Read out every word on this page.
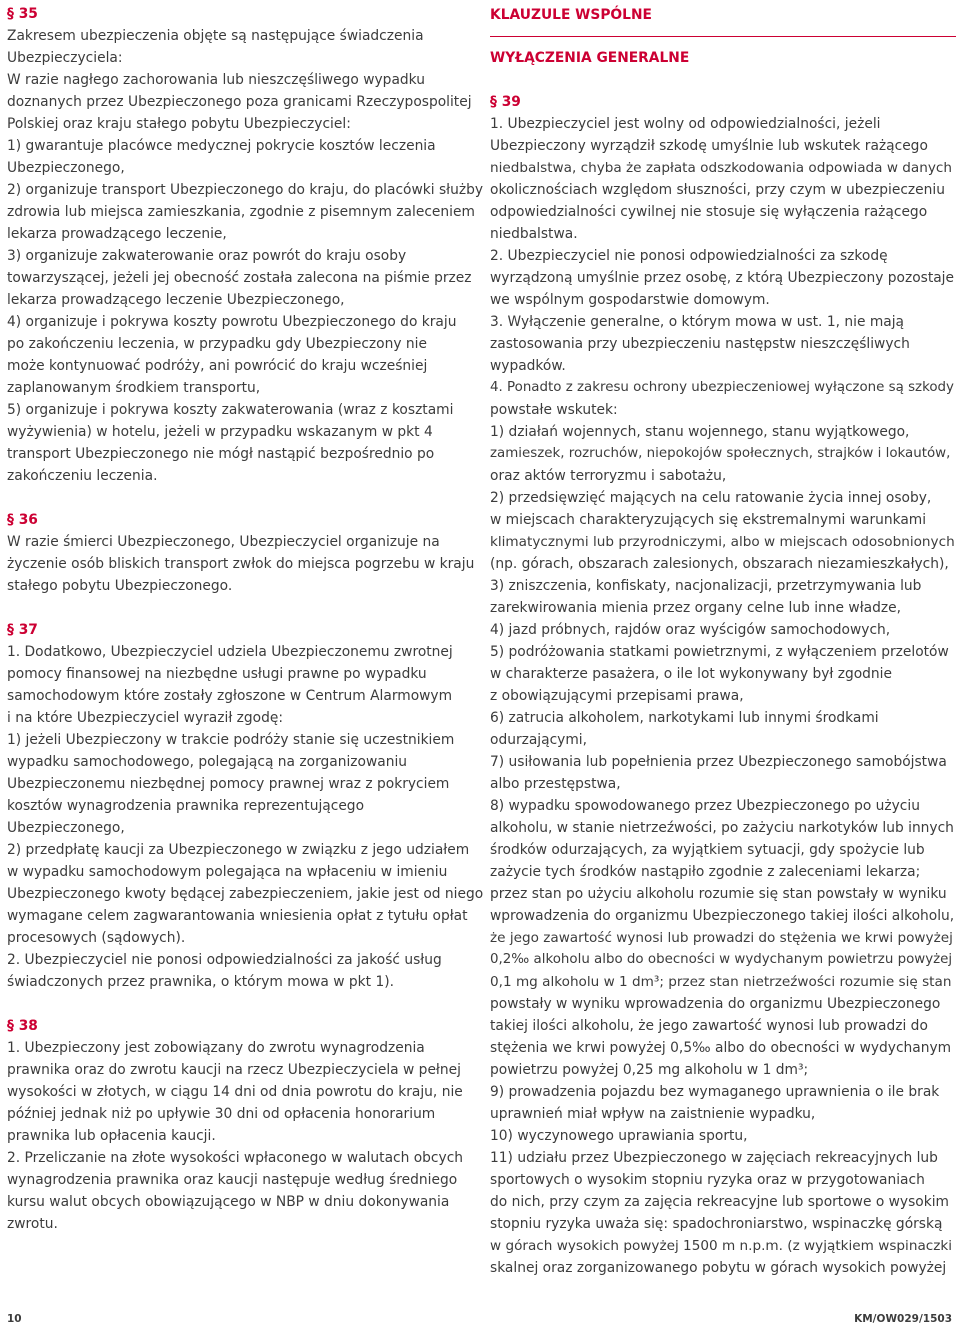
§ 35
Zakresem ubezpieczenia objęte są następujące świadczenia
Ubezpieczyciela:
W razie nagłego zachorowania lub nieszczęśliwego wypadku
doznanych przez Ubezpieczonego poza granicami Rzeczypospolitej
Polskiej oraz kraju stałego pobytu Ubezpieczyciel:
1) gwarantuje placówce medycznej pokrycie kosztów leczenia
Ubezpieczonego,
2) organizuje transport Ubezpieczonego do kraju, do placówki służby
zdrowia lub miejsca zamieszkania, zgodnie z pisemnym zaleceniem
lekarza prowadzącego leczenie,
3) organizuje zakwaterowanie oraz powrót do kraju osoby
towarzyszącej, jeżeli jej obecność została zalecona na piśmie przez
lekarza prowadzącego leczenie Ubezpieczonego,
4) organizuje i pokrywa koszty powrotu Ubezpieczonego do kraju
po zakończeniu leczenia, w przypadku gdy Ubezpieczony nie
może kontynuować podróży, ani powrócić do kraju wcześniej
zaplanowanym środkiem transportu,
5) organizuje i pokrywa koszty zakwaterowania (wraz z kosztami
wyżywienia) w hotelu, jeżeli w przypadku wskazanym w pkt 4
transport Ubezpieczonego nie mógł nastąpić bezpośrednio po
zakończeniu leczenia.
§ 36
W razie śmierci Ubezpieczonego, Ubezpieczyciel organizuje na
życzenie osób bliskich transport zwłok do miejsca pogrzebu w kraju
stałego pobytu Ubezpieczonego.
§ 37
1. Dodatkowo, Ubezpieczyciel udziela Ubezpieczonemu zwrotnej
pomocy finansowej na niezbędne usługi prawne po wypadku
samochodowym które zostały zgłoszone w Centrum Alarmowym
i na które Ubezpieczyciel wyraził zgodę:
1) jeżeli Ubezpieczony w trakcie podróży stanie się uczestnikiem
wypadku samochodowego, polegającą na zorganizowaniu
Ubezpieczonemu niezbędnej pomocy prawnej wraz z pokryciem
kosztów wynagrodzenia prawnika reprezentującego
Ubezpieczonego,
2) przedpłatę kaucji za Ubezpieczonego w związku z jego udziałem
w wypadku samochodowym polegająca na wpłaceniu w imieniu
Ubezpieczonego kwoty będącej zabezpieczeniem, jakie jest od niego
wymagane celem zagwarantowania wniesienia opłat z tytułu opłat
procesowych (sądowych).
2. Ubezpieczyciel nie ponosi odpowiedzialności za jakość usług
świadczonych przez prawnika, o którym mowa w pkt 1).
§ 38
1. Ubezpieczony jest zobowiązany do zwrotu wynagrodzenia
prawnika oraz do zwrotu kaucji na rzecz Ubezpieczyciela w pełnej
wysokości w złotych, w ciągu 14 dni od dnia powrotu do kraju, nie
później jednak niż po upływie 30 dni od opłacenia honorarium
prawnika lub opłacenia kaucji.
2. Przeliczanie na złote wysokości wpłaconego w walutach obcych
wynagrodzenia prawnika oraz kaucji następuje według średniego
kursu walut obcych obowiązującego w NBP w dniu dokonywania
zwrotu.
KLAUZULE WSPÓLNE
WYŁĄCZENIA GENERALNE
§ 39
1. Ubezpieczyciel jest wolny od odpowiedzialności, jeżeli
Ubezpieczony wyrządził szkodę umyślnie lub wskutek rażącego
niedbalstwa, chyba że zapłata odszkodowania odpowiada w danych
okolicznościach względom słuszności, przy czym w ubezpieczeniu
odpowiedzialności cywilnej nie stosuje się wyłączenia rażącego
niedbalstwa.
2. Ubezpieczyciel nie ponosi odpowiedzialności za szkodę
wyrządzoną umyślnie przez osobę, z którą Ubezpieczony pozostaje
we wspólnym gospodarstwie domowym.
3. Wyłączenie generalne, o którym mowa w ust. 1, nie mają
zastosowania przy ubezpieczeniu następstw nieszczęśliwych
wypadków.
4. Ponadto z zakresu ochrony ubezpieczeniowej wyłączone są szkody
powstałe wskutek:
1) działań wojennych, stanu wojennego, stanu wyjątkowego,
zamieszek, rozruchów, niepokojów społecznych, strajków i lokautów,
oraz aktów terroryzmu i sabotażu,
2) przedsięwzięć mających na celu ratowanie życia innej osoby,
w miejscach charakteryzujących się ekstremalnymi warunkami
klimatycznymi lub przyrodniczymi, albo w miejscach odosobnionych
(np. górach, obszarach zalesionych, obszarach niezamieszkałych),
3) zniszczenia, konfiskaty, nacjonalizacji, przetrzymywania lub
zarekwirowania mienia przez organy celne lub inne władze,
4) jazd próbnych, rajdów oraz wyścigów samochodowych,
5) podróżowania statkami powietrznymi, z wyłączeniem przelotów
w charakterze pasażera, o ile lot wykonywany był zgodnie
z obowiązującymi przepisami prawa,
6) zatrucia alkoholem, narkotykami lub innymi środkami
odurzającymi,
7) usiłowania lub popełnienia przez Ubezpieczonego samobójstwa
albo przestępstwa,
8) wypadku spowodowanego przez Ubezpieczonego po użyciu
alkoholu, w stanie nietrzeźwości, po zażyciu narkotyków lub innych
środków odurzających, za wyjątkiem sytuacji, gdy spożycie lub
zażycie tych środków nastąpiło zgodnie z zaleceniami lekarza;
przez stan po użyciu alkoholu rozumie się stan powstały w wyniku
wprowadzenia do organizmu Ubezpieczonego takiej ilości alkoholu,
że jego zawartość wynosi lub prowadzi do stężenia we krwi powyżej
0,2‰ alkoholu albo do obecności w wydychanym powietrzu powyżej
0,1 mg alkoholu w 1 dm³; przez stan nietrzeźwości rozumie się stan
powstały w wyniku wprowadzenia do organizmu Ubezpieczonego
takiej ilości alkoholu, że jego zawartość wynosi lub prowadzi do
stężenia we krwi powyżej 0,5‰ albo do obecności w wydychanym
powietrzu powyżej 0,25 mg alkoholu w 1 dm³;
9) prowadzenia pojazdu bez wymaganego uprawnienia o ile brak
uprawnień miał wpływ na zaistnienie wypadku,
10) wyczynowego uprawiania sportu,
11) udziału przez Ubezpieczonego w zajęciach rekreacyjnych lub
sportowych o wysokim stopniu ryzyka oraz w przygotowaniach
do nich, przy czym za zajęcia rekreacyjne lub sportowe o wysokim
stopniu ryzyka uważa się: spadochroniarstwo, wspinaczkę górską
w górach wysokich powyżej 1500 m n.p.m. (z wyjątkiem wspinaczki
skalnej oraz zorganizowanego pobytu w górach wysokich powyżej
10	KM/OW029/1503
